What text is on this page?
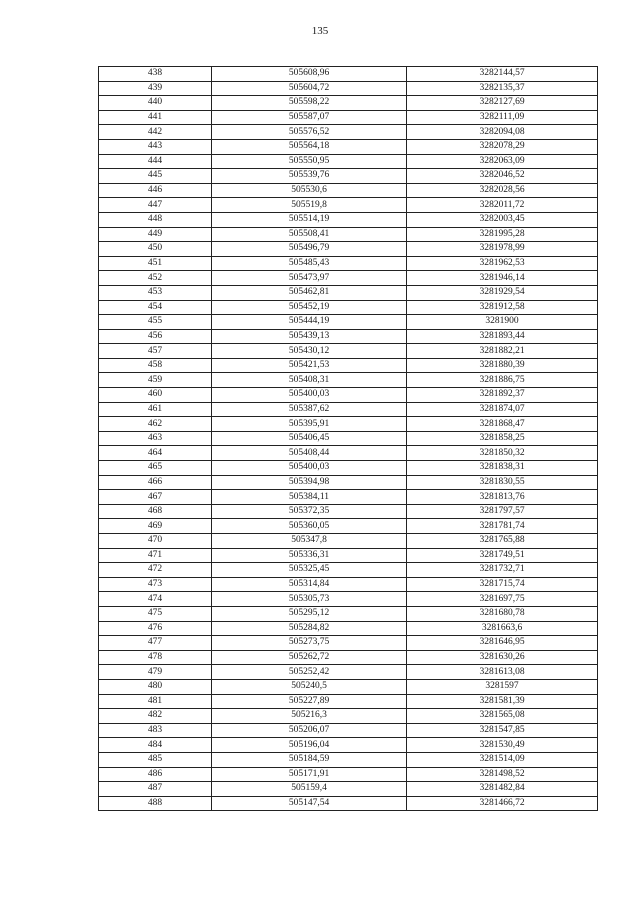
135
438	505608,96	3282144,57
439	505604,72	3282135,37
440	505598,22	3282127,69
441	505587,07	3282111,09
442	505576,52	3282094,08
443	505564,18	3282078,29
444	505550,95	3282063,09
445	505539,76	3282046,52
446	505530,6	3282028,56
447	505519,8	3282011,72
448	505514,19	3282003,45
449	505508,41	3281995,28
450	505496,79	3281978,99
451	505485,43	3281962,53
452	505473,97	3281946,14
453	505462,81	3281929,54
454	505452,19	3281912,58
455	505444,19	3281900
456	505439,13	3281893,44
457	505430,12	3281882,21
458	505421,53	3281880,39
459	505408,31	3281886,75
460	505400,03	3281892,37
461	505387,62	3281874,07
462	505395,91	3281868,47
463	505406,45	3281858,25
464	505408,44	3281850,32
465	505400,03	3281838,31
466	505394,98	3281830,55
467	505384,11	3281813,76
468	505372,35	3281797,57
469	505360,05	3281781,74
470	505347,8	3281765,88
471	505336,31	3281749,51
472	505325,45	3281732,71
473	505314,84	3281715,74
474	505305,73	3281697,75
475	505295,12	3281680,78
476	505284,82	3281663,6
477	505273,75	3281646,95
478	505262,72	3281630,26
479	505252,42	3281613,08
480	505240,5	3281597
481	505227,89	3281581,39
482	505216,3	3281565,08
483	505206,07	3281547,85
484	505196,04	3281530,49
485	505184,59	3281514,09
486	505171,91	3281498,52
487	505159,4	3281482,84
488	505147,54	3281466,72
